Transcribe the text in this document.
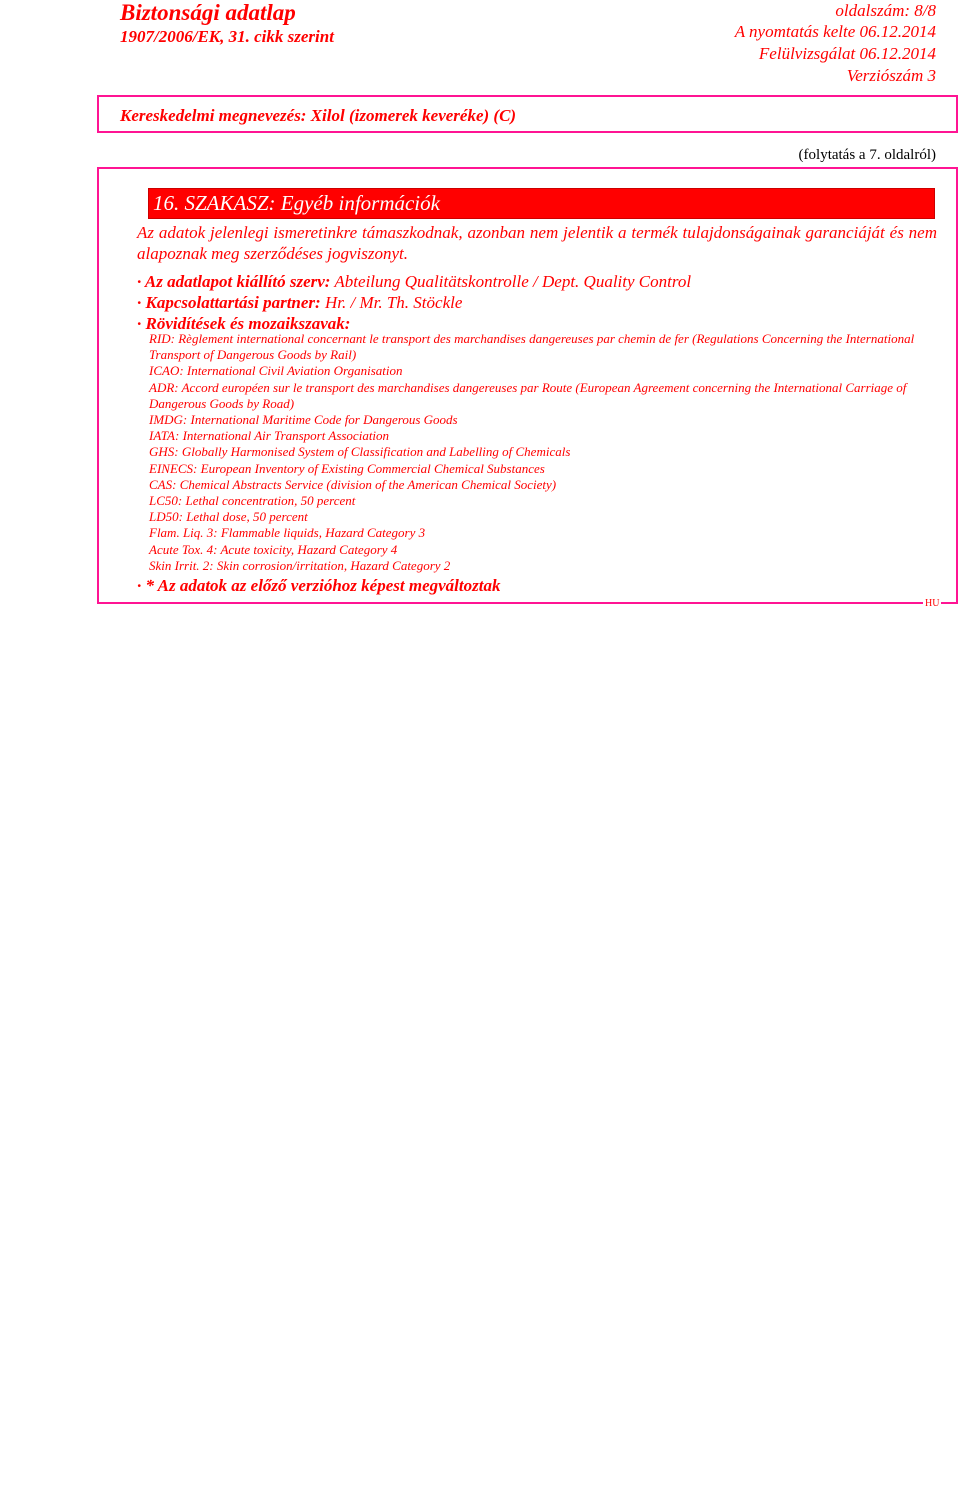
Biztonsági adatlap
1907/2006/EK, 31. cikk szerint
oldalszám: 8/8
A nyomtatás kelte 06.12.2014
Felülvizsgálat 06.12.2014
Verziószám 3
Kereskedelmi megnevezés: Xilol (izomerek keveréke) (C)
(folytatás a 7. oldalról)
16. SZAKASZ: Egyéb információk

Az adatok jelenlegi ismeretinkre támaszkodnak, azonban nem jelentik a termék tulajdonságainak garanciáját és nem alapoznak meg szerződéses jogviszonyt.

· Az adatlapot kiállító szerv: Abteilung Qualitätskontrolle / Dept. Quality Control
· Kapcsolattartási partner: Hr. / Mr. Th. Stöckle
· Rövidítések és mozaikszavak:
RID: Règlement international concernant le transport des marchandises dangereuses par chemin de fer (Regulations Concerning the International Transport of Dangerous Goods by Rail)
ICAO: International Civil Aviation Organisation
ADR: Accord européen sur le transport des marchandises dangereuses par Route (European Agreement concerning the International Carriage of Dangerous Goods by Road)
IMDG: International Maritime Code for Dangerous Goods
IATA: International Air Transport Association
GHS: Globally Harmonised System of Classification and Labelling of Chemicals
EINECS: European Inventory of Existing Commercial Chemical Substances
CAS: Chemical Abstracts Service (division of the American Chemical Society)
LC50: Lethal concentration, 50 percent
LD50: Lethal dose, 50 percent
Flam. Liq. 3: Flammable liquids, Hazard Category 3
Acute Tox. 4: Acute toxicity, Hazard Category 4
Skin Irrit. 2: Skin corrosion/irritation, Hazard Category 2
· * Az adatok az előző verzióhoz képest megváltoztak
HU
